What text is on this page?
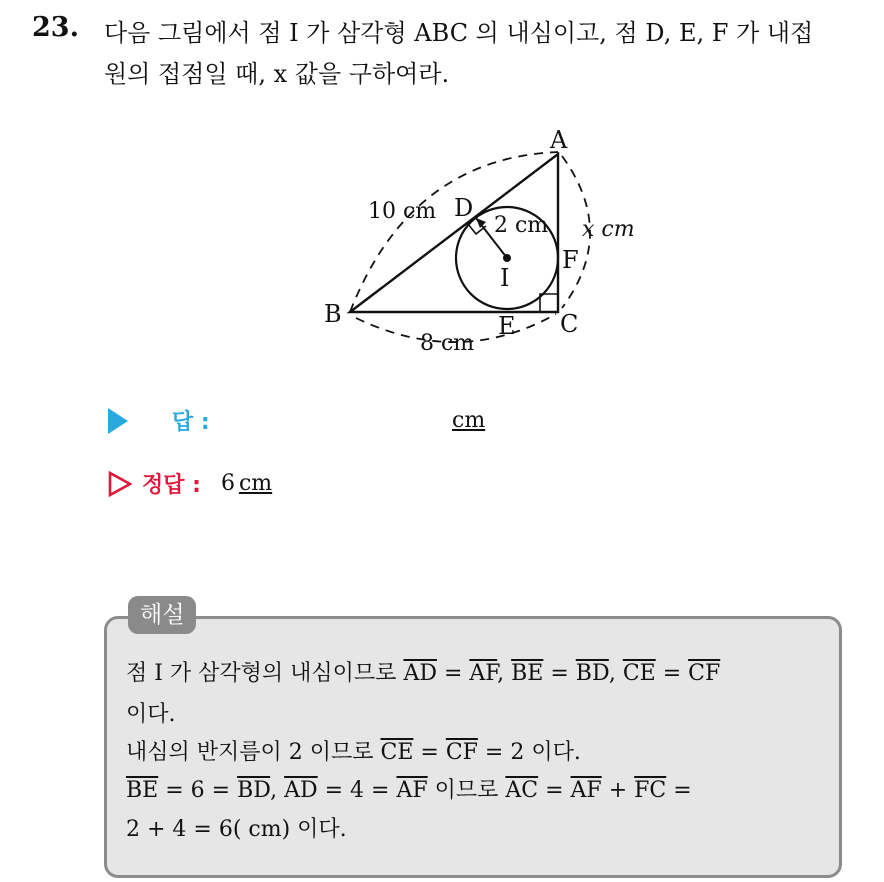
23. 다음 그림에서 점 I 가 삼각형 ABC 의 내심이고, 점 D, E, F 가 내접
원의 접점일 때, x 값을 구하여라.
A
B	C
D
E
F
I
10 cm
8 cm
x cm
2 cm
답 :	cm
정답 : 6 cm
해설
점 I 가 삼각형의 내심이므로 $\overline{AD} = \overline{AF}$, $\overline{BE} = \overline{BD}$, $\overline{CE} = \overline{CF}$
이다.
내심의 반지름이 2 이므로 $\overline{CE} = \overline{CF} = 2$ 이다.
$\overline{BE} = 6 = \overline{BD}$, $\overline{AD} = 4 = \overline{AF}$ 이므로 $\overline{AC} = \overline{AF} + \overline{FC}$ =
2 + 4 = 6( cm) 이다.
